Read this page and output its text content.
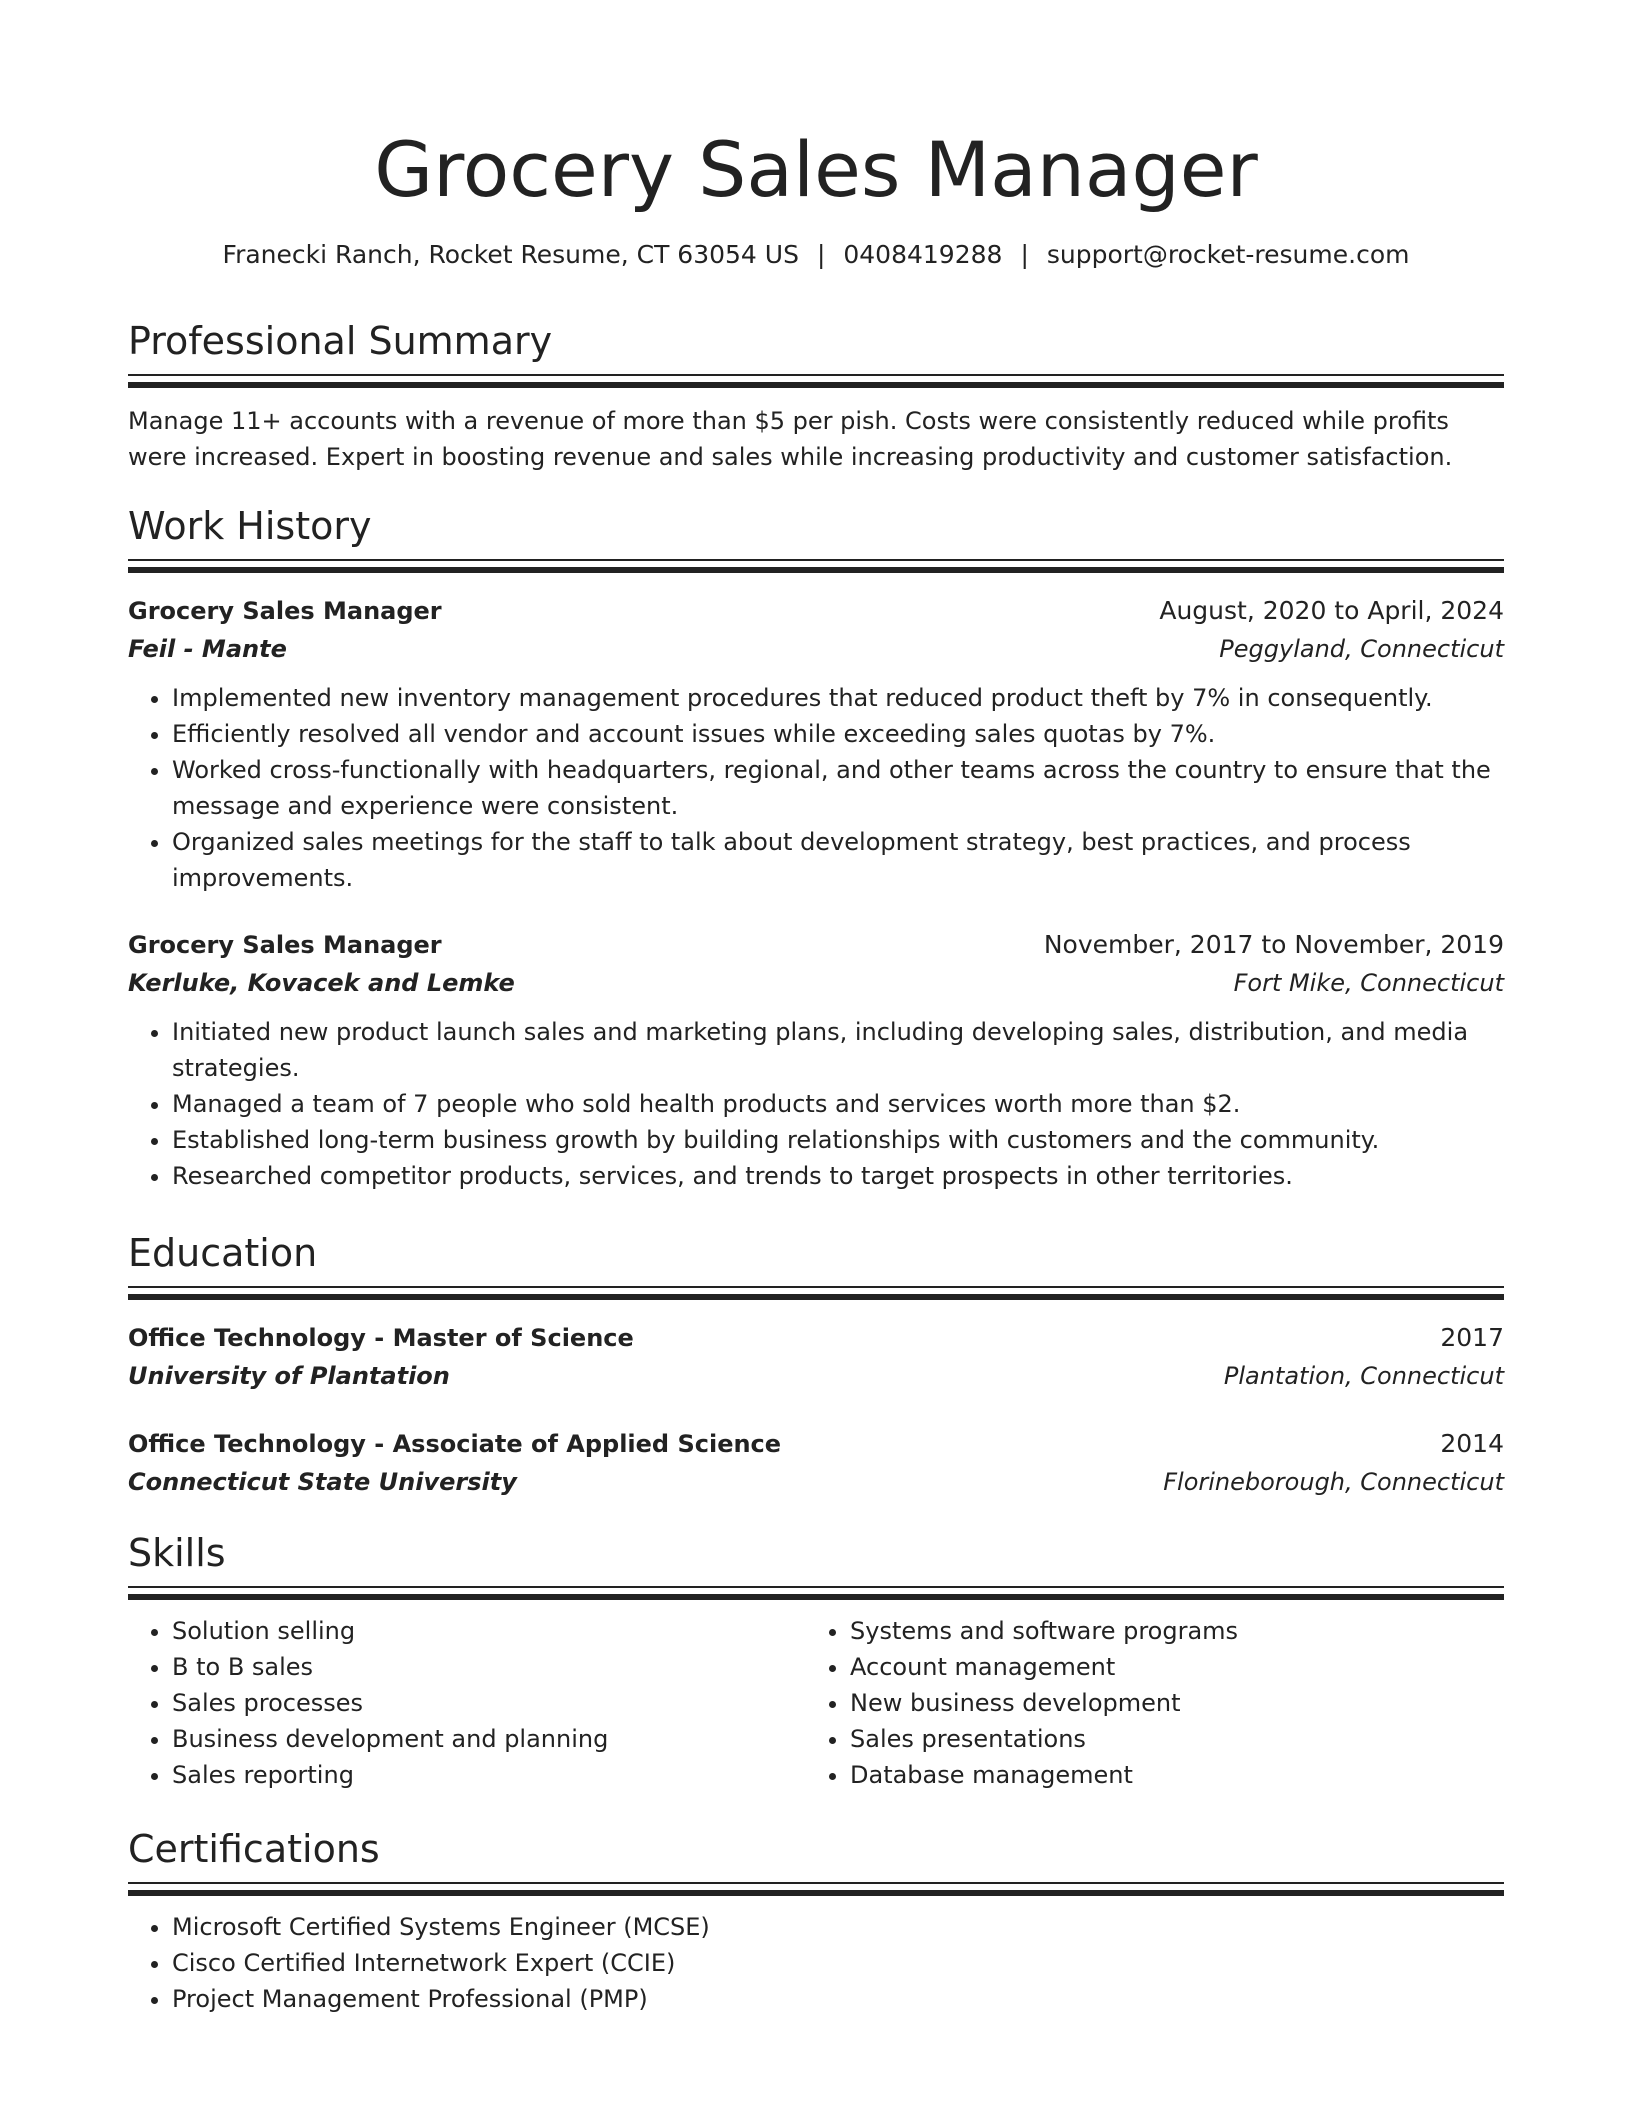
Grocery Sales Manager
Franecki Ranch, Rocket Resume, CT 63054 US | 0408419288 | support@rocket-resume.com
Professional Summary

Manage 11+ accounts with a revenue of more than $5 per pish. Costs were consistently reduced while profits were increased. Expert in boosting revenue and sales while increasing productivity and customer satisfaction.

Work History
Grocery Sales Manager	August, 2020 to April, 2024
Feil - Mante	Peggyland, Connecticut
• Implemented new inventory management procedures that reduced product theft by 7% in consequently.
• Efficiently resolved all vendor and account issues while exceeding sales quotas by 7%.
• Worked cross-functionally with headquarters, regional, and other teams across the country to ensure that the message and experience were consistent.
• Organized sales meetings for the staff to talk about development strategy, best practices, and process improvements.
Grocery Sales Manager	November, 2017 to November, 2019
Kerluke, Kovacek and Lemke	Fort Mike, Connecticut
• Initiated new product launch sales and marketing plans, including developing sales, distribution, and media strategies.
• Managed a team of 7 people who sold health products and services worth more than $2.
• Established long-term business growth by building relationships with customers and the community.
• Researched competitor products, services, and trends to target prospects in other territories.
Education
Office Technology - Master of Science	2017
University of Plantation	Plantation, Connecticut
Office Technology - Associate of Applied Science	2014
Connecticut State University	Florineborough, Connecticut
Skills
• Solution selling
• B to B sales
• Sales processes
• Business development and planning
• Sales reporting
• Systems and software programs
• Account management
• New business development
• Sales presentations
• Database management
Certifications
• Microsoft Certified Systems Engineer (MCSE)
• Cisco Certified Internetwork Expert (CCIE)
• Project Management Professional (PMP)
